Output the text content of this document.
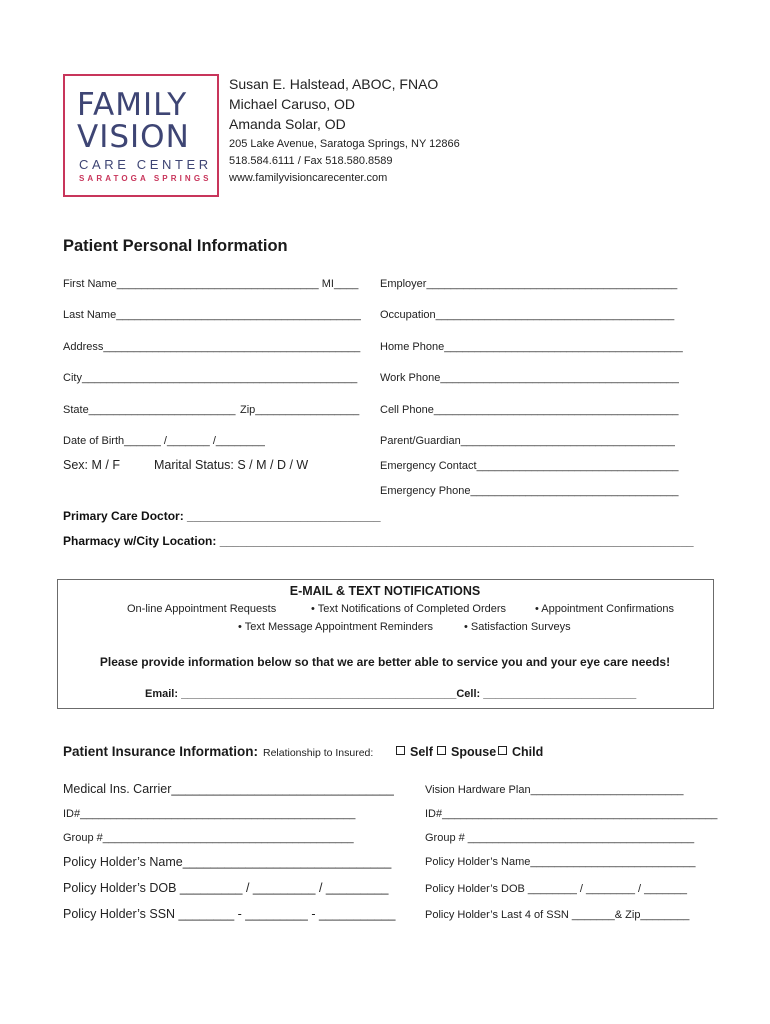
FAMILY
VISION
CARE CENTER
SARATOGA SPRINGS
Susan E. Halstead, ABOC, FNAO
Michael Caruso, OD
Amanda Solar, OD
205 Lake Avenue, Saratoga Springs, NY 12866
518.584.6111 / Fax 518.580.8589
www.familyvisioncarecenter.com
Patient Personal Information
First Name_________________________________ MI____
Last Name________________________________________
Address__________________________________________
City_____________________________________________
State________________________ Zip_________________
Date of Birth______ /_______ /________
Sex: M / F	Marital Status: S / M / D / W
Employer_________________________________________
Occupation_______________________________________
Home Phone_______________________________________
Work Phone_______________________________________
Cell Phone________________________________________
Parent/Guardian___________________________________
Emergency Contact_________________________________
Emergency Phone__________________________________
Primary Care Doctor: _____________________________
Pharmacy w/City Location: _______________________________________________________________________
E-MAIL & TEXT NOTIFICATIONS
On-line Appointment Requests	• Text Notifications of Completed Orders	• Appointment Confirmations
• Text Message Appointment Reminders	• Satisfaction Surveys
Please provide information below so that we are better able to service you and your eye care needs!
Email: _____________________________________________Cell: _________________________
Patient Insurance Information: Relationship to Insured:	Self	Spouse	Child
Medical Ins. Carrier________________________________
ID#_____________________________________________
Group #_________________________________________
Policy Holder’s Name______________________________
Policy Holder’s DOB _________ / _________ / _________
Policy Holder’s SSN ________ - _________ - ___________
Vision Hardware Plan_________________________
ID#_____________________________________________
Group # _____________________________________
Policy Holder’s Name___________________________
Policy Holder’s DOB ________ / ________ / _______
Policy Holder’s Last 4 of SSN _______& Zip________
